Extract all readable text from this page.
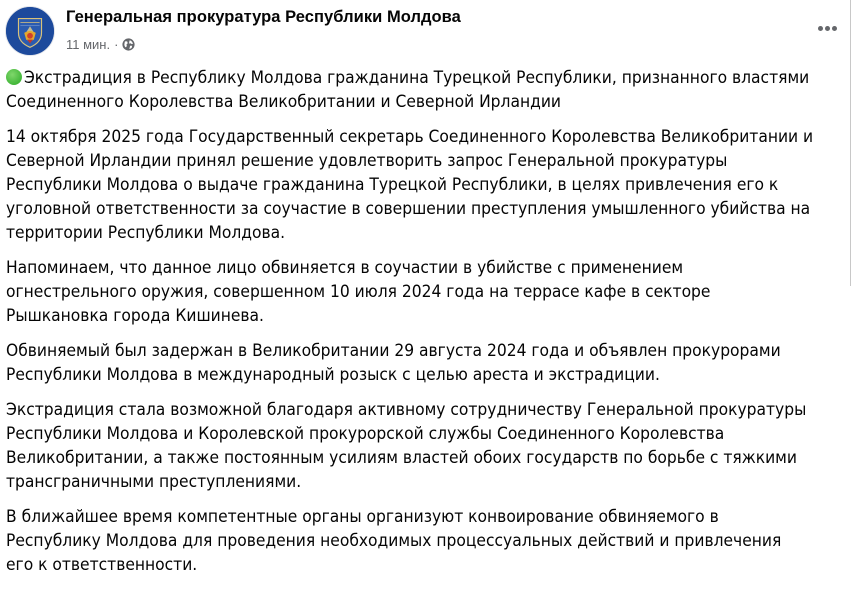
Генеральная прокуратура Республики Молдова
11 мин. ·

Экстрадиция в Республику Молдова гражданина Турецкой Республики, признанного властями
Соединенного Королевства Великобритании и Северной Ирландии

14 октября 2025 года Государственный секретарь Соединенного Королевства Великобритании и
Северной Ирландии принял решение удовлетворить запрос Генеральной прокуратуры
Республики Молдова о выдаче гражданина Турецкой Республики, в целях привлечения его к
уголовной ответственности за соучастие в совершении преступления умышленного убийства на
территории Республики Молдова.

Напоминаем, что данное лицо обвиняется в соучастии в убийстве с применением
огнестрельного оружия, совершенном 10 июля 2024 года на террасе кафе в секторе
Рышкановка города Кишинева.

Обвиняемый был задержан в Великобритании 29 августа 2024 года и объявлен прокурорами
Республики Молдова в международный розыск с целью ареста и экстрадиции.

Экстрадиция стала возможной благодаря активному сотрудничеству Генеральной прокуратуры
Республики Молдова и Королевской прокурорской службы Соединенного Королевства
Великобритании, а также постоянным усилиям властей обоих государств по борьбе с тяжкими
трансграничными преступлениями.

В ближайшее время компетентные органы организуют конвоирование обвиняемого в
Республику Молдова для проведения необходимых процессуальных действий и привлечения
его к ответственности.
